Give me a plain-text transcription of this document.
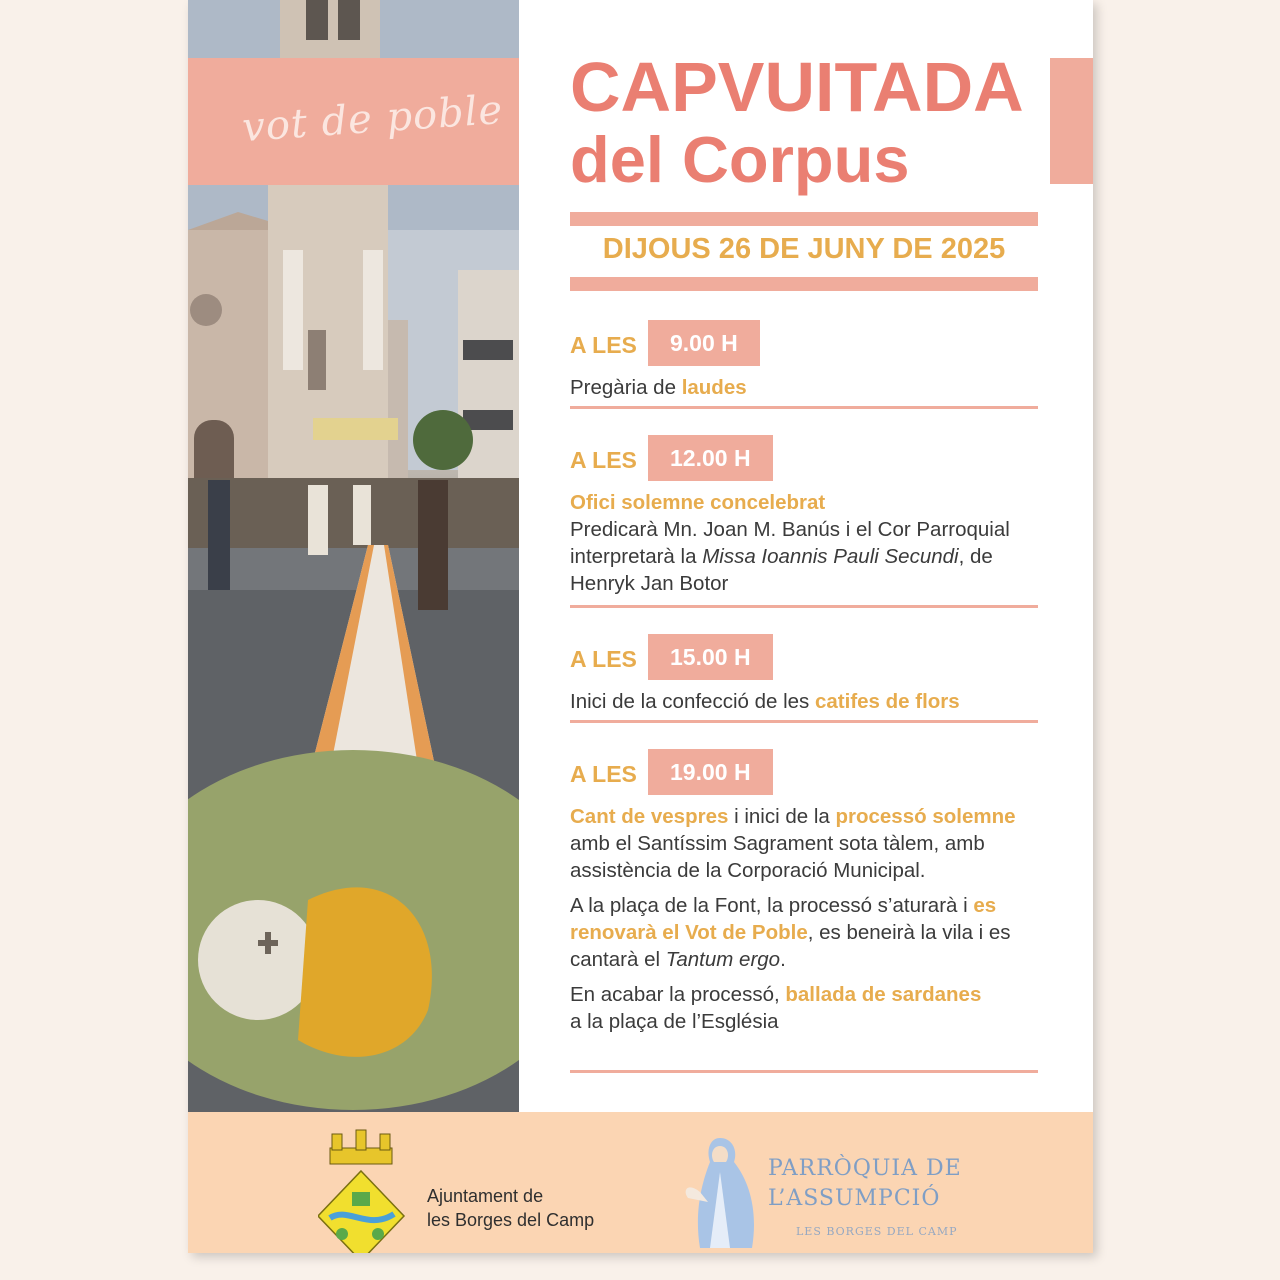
vot de poble CAPVUITADA
del Corpus
DIJOUS 26 DE JUNY DE 2025
A LES	9.00 H

Pregària de laudes

A LES	12.00 H

Ofici solemne concelebrat
Predicarà Mn. Joan M. Banús i el Cor Parroquial interpretarà la Missa Ioannis Pauli Secundi, de Henryk Jan Botor

A LES	15.00 H

Inici de la confecció de les catifes de flors

A LES	19.00 H

Cant de vespres i inici de la processó solemne amb el Santíssim Sagrament sota tàlem, amb assistència de la Corporació Municipal.

A la plaça de la Font, la processó s’aturarà i es renovarà el Vot de Poble, es beneirà la vila i es cantarà el Tantum ergo.

En acabar la processó, ballada de sardanes
a la plaça de l’Església

Ajuntament de
les Borges del Camp
PARRÒQUIA DE
L’ASSUMPCIÓ
LES BORGES DEL CAMP
